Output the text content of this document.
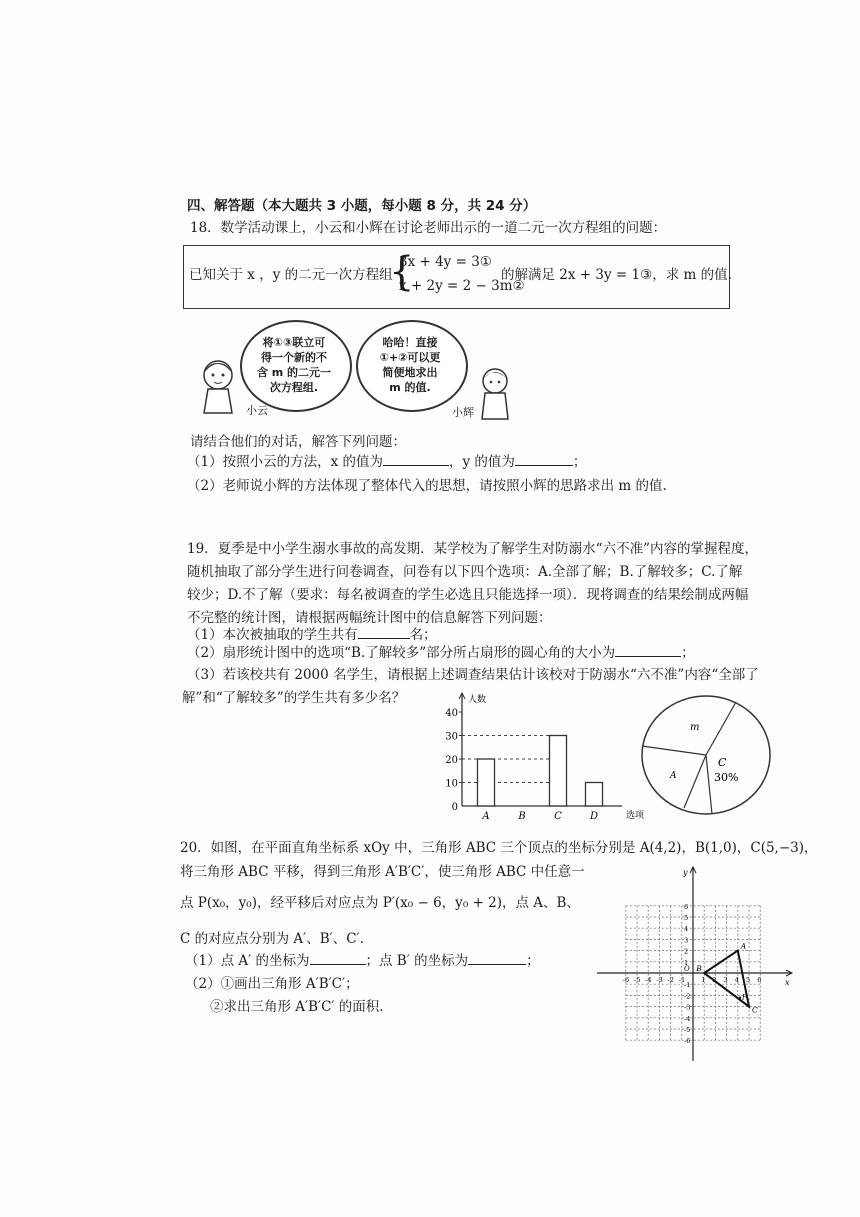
四、解答题（本大题共 3 小题，每小题 8 分，共 24 分）
18．数学活动课上，小云和小辉在讨论老师出示的一道二元一次方程组的问题：
已知关于 x ，y 的二元一次方程组
{
3x + 4y = 3①
x + 2y = 2 − 3m②
的解满足 2x + 3y = 1③，求 m 的值.
将①③联立可
得一个新的不
含 m 的二元一
次方程组.
哈哈！直接
①+②可以更
简便地求出
m 的值.
小云	小辉
请结合他们的对话，解答下列问题：
（1）按照小云的方法，x 的值为	，y 的值为	；
（2）老师说小辉的方法体现了整体代入的思想，请按照小辉的思路求出 m 的值.
19．夏季是中小学生溺水事故的高发期．某学校为了解学生对防溺水“六不准”内容的掌握程度，
随机抽取了部分学生进行问卷调查，问卷有以下四个选项：A.全部了解；B.了解较多；C.了解
较少；D.不了解（要求：每名被调查的学生必选且只能选择一项）．现将调查的结果绘制成两幅
不完整的统计图，请根据两幅统计图中的信息解答下列问题：
（1）本次被抽取的学生共有	名；
（2）扇形统计图中的选项“B.了解较多”部分所占扇形的圆心角的大小为	；
（3）若该校共有 2000 名学生，请根据上述调查结果估计该校对于防溺水“六不准”内容“全部了
解”和“了解较多”的学生共有多少名？	人数
选项
0
10
20
30
40
A	B	C	D
m
A
C
30%
20．如图，在平面直角坐标系 xOy 中，三角形 ABC 三个顶点的坐标分别是 A(4,2)，B(1,0)，C(5,−3)，
将三角形 ABC 平移，得到三角形 A′B′C′，使三角形 ABC 中任意一
点 P(x₀，y₀)，经平移后对应点为 P′(x₀ − 6，y₀ + 2)，点 A、B、
C 的对应点分别为 A′、B′、C′.
（1）点 A′ 的坐标为	；点 B′ 的坐标为	；
（2）①画出三角形 A′B′C′；
②求出三角形 A′B′C′ 的面积.
x
y
O
-6 -5 -4 -3 -2 -1 1 2 3 4 5 6
6
5
4
3
2
1
-1
-2
-3
-4
-5
-6
A
B
C
P
